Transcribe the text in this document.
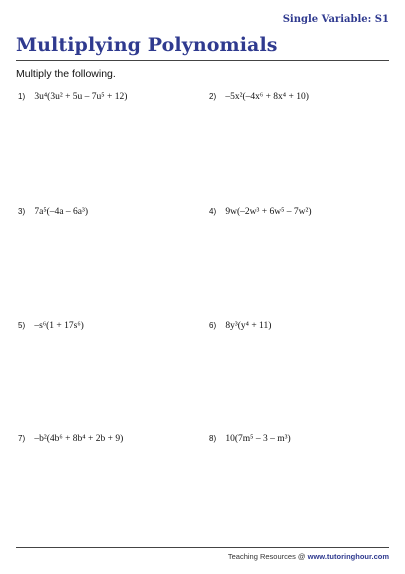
Single Variable: S1
Multiplying Polynomials
Multiply the following.
1) 3u⁴(3u² + 5u – 7u⁵ + 12)	2) –5x²(–4x⁶ + 8x⁴ + 10)
3) 7a⁵(–4a – 6a³)	4) 9w(–2w³ + 6w⁵ – 7w²)
5) –s⁶(1 + 17s⁶)	6) 8y³(y⁴ + 11)
7) –b²(4b⁶ + 8b⁴ + 2b + 9)	8) 10(7m⁵ – 3 – m³)
Teaching Resources @ www.tutoringhour.com
